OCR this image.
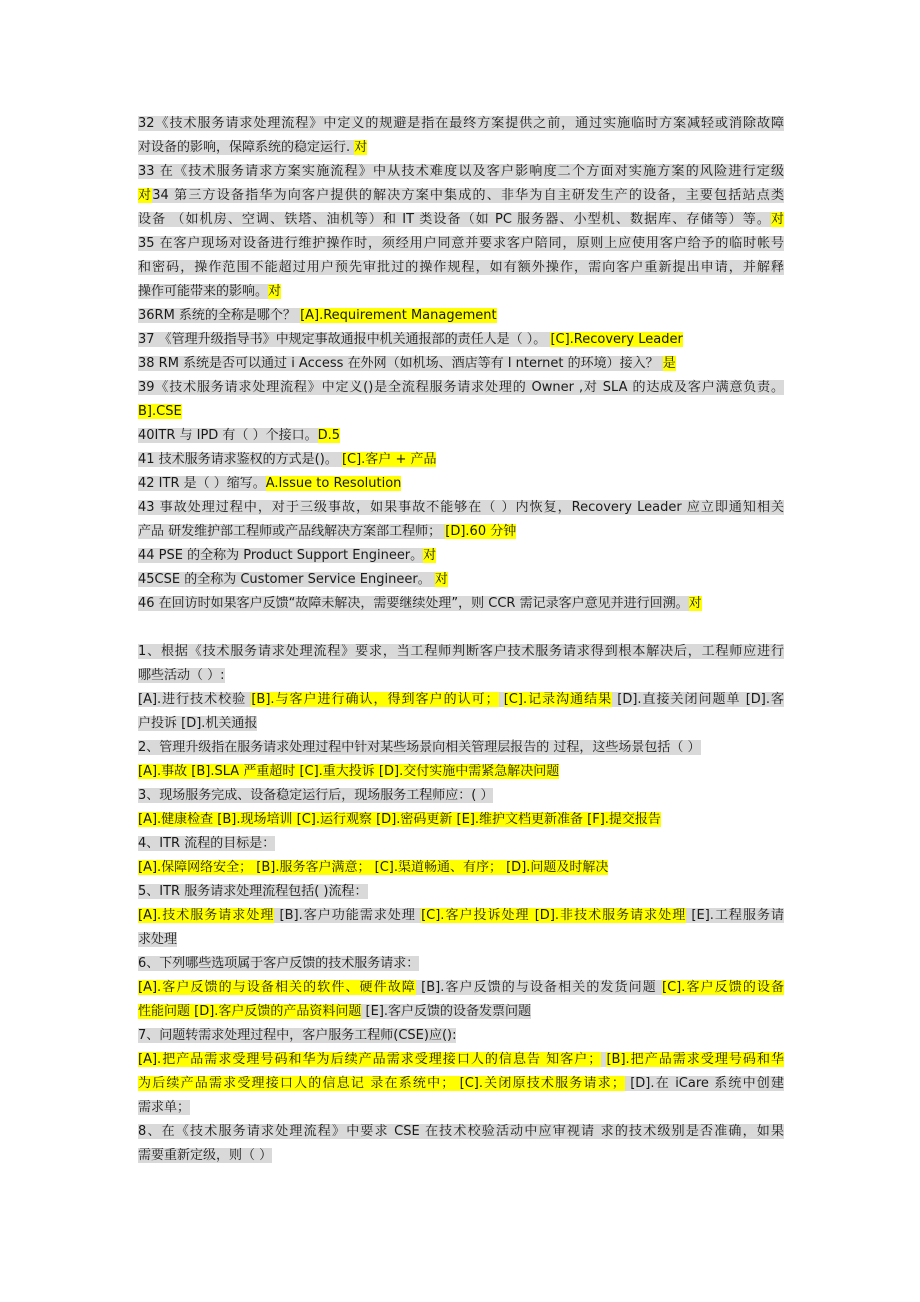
32《技术服务请求处理流程》中定义的规避是指在最终方案提供之前，通过实施临时方案减轻或消除故障
对设备的影响，保障系统的稳定运行. 对
33 在《技术服务请求方案实施流程》中从技术难度以及客户影响度二个方面对实施方案的风险进行定级
对34 第三方设备指华为向客户提供的解决方案中集成的、非华为自主研发生产的设备，主要包括站点类
设备 （如机房、空调、铁塔、油机等）和 IT 类设备（如 PC 服务器、小型机、数据库、存储等）等。对
35 在客户现场对设备进行维护操作时，须经用户同意并要求客户陪同，原则上应使用客户给予的临时帐号
和密码，操作范围不能超过用户预先审批过的操作规程，如有额外操作，需向客户重新提出申请，并解释
操作可能带来的影响。对
36RM 系统的全称是哪个？ [A].Requirement Management
37 《管理升级指导书》中规定事故通报中机关通报部的责任人是（ ）。 [C].Recovery Leader
38 RM 系统是否可以通过 i Access 在外网（如机场、酒店等有 I nternet 的环境）接入？ 是
39《技术服务请求处理流程》中定义()是全流程服务请求处理的 Owner ,对 SLA 的达成及客户满意负责。
B].CSE
40ITR 与 IPD 有（ ）个接口。D.5
41 技术服务请求鉴权的方式是()。 [C].客户 + 产品
42 ITR 是（ ）缩写。A.Issue to Resolution
43 事故处理过程中，对于三级事故，如果事故不能够在（ ）内恢复，Recovery Leader 应立即通知相关
产品 研发维护部工程师或产品线解决方案部工程师； [D].60 分钟
44 PSE 的全称为 Product Support Engineer。对
45CSE 的全称为 Customer Service Engineer。 对
46 在回访时如果客户反馈“故障未解决，需要继续处理”，则 CCR 需记录客户意见并进行回溯。对
1、根据《技术服务请求处理流程》要求，当工程师判断客户技术服务请求得到根本解决后，工程师应进行
哪些活动（ ）:
[A].进行技术校验 [B].与客户进行确认，得到客户的认可； [C].记录沟通结果 [D].直接关闭问题单 [D].客
户投诉 [D].机关通报
2、管理升级指在服务请求处理过程中针对某些场景向相关管理层报告的 过程，这些场景包括（ ）
[A].事故 [B].SLA 严重超时 [C].重大投诉 [D].交付实施中需紧急解决问题
3、现场服务完成、设备稳定运行后，现场服务工程师应：( ）
[A].健康检查 [B].现场培训 [C].运行观察 [D].密码更新 [E].维护文档更新准备 [F].提交报告
4、ITR 流程的目标是：
[A].保障网络安全； [B].服务客户满意； [C].渠道畅通、有序； [D].问题及时解决
5、ITR 服务请求处理流程包括( )流程：
[A].技术服务请求处理 [B].客户功能需求处理 [C].客户投诉处理 [D].非技术服务请求处理 [E].工程服务请
求处理
6、下列哪些选项属于客户反馈的技术服务请求：
[A].客户反馈的与设备相关的软件、硬件故障 [B].客户反馈的与设备相关的发货问题 [C].客户反馈的设备
性能问题 [D].客户反馈的产品资料问题 [E].客户反馈的设备发票问题
7、问题转需求处理过程中，客户服务工程师(CSE)应():
[A].把产品需求受理号码和华为后续产品需求受理接口人的信息告 知客户； [B].把产品需求受理号码和华
为后续产品需求受理接口人的信息记 录在系统中； [C].关闭原技术服务请求； [D].在 iCare 系统中创建
需求单；
8、在《技术服务请求处理流程》中要求 CSE 在技术校验活动中应审视请 求的技术级别是否准确，如果
需要重新定级，则（ ）
